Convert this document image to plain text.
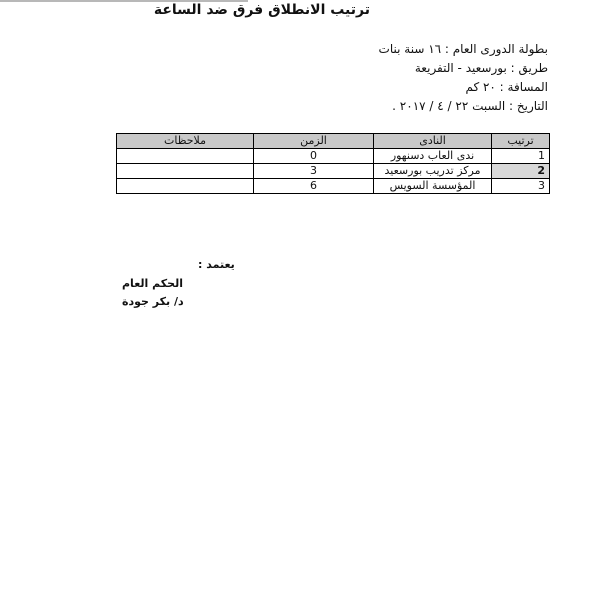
ترتيب الانطلاق فرق ضد الساعة
بطولة الدورى العام : ١٦ سنة بنات
طريق : بورسعيد - التفريعة
المسافة : ٢٠ كم
التاريخ : السبت ٢٢ / ٤ / ٢٠١٧ .
ترتيب	النادى	الزمن	ملاحظات
1	ندى العاب دسنهور	0	
2	مركز تدريب بورسعيد	3	
3	المؤسسة السويس	6	
يعتمد :
الحكم العام
د/ بكر جودة
